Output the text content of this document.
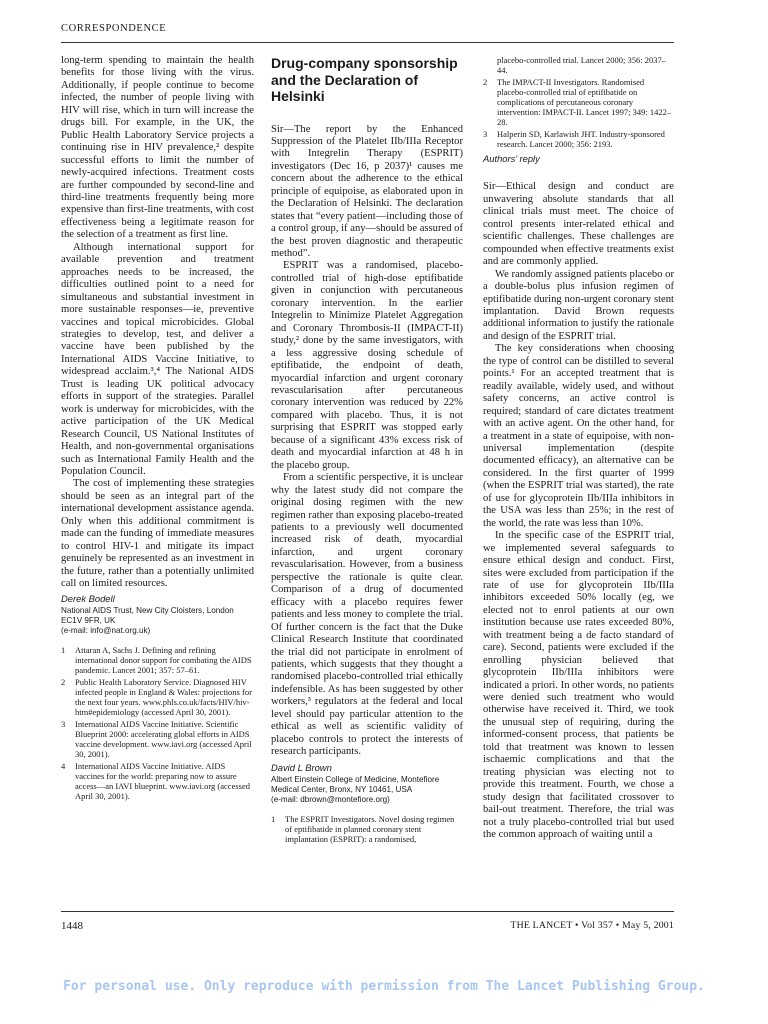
CORRESPONDENCE

long-term spending to maintain the health benefits for those living with the virus. Additionally, if people continue to become infected, the number of people living with HIV will rise, which in turn will increase the drugs bill. For example, in the UK, the Public Health Laboratory Service projects a continuing rise in HIV prevalence,² despite successful efforts to limit the number of newly-acquired infections. Treatment costs are further compounded by second-line and third-line treatments frequently being more expensive than first-line treatments, with cost effectiveness being a legitimate reason for the selection of a treatment as first line.

Although international support for available prevention and treatment approaches needs to be increased, the difficulties outlined point to a need for simultaneous and substantial investment in more sustainable responses—ie, preventive vaccines and topical microbicides. Global strategies to develop, test, and deliver a vaccine have been published by the International AIDS Vaccine Initiative, to widespread acclaim.³,⁴ The National AIDS Trust is leading UK political advocacy efforts in support of the strategies. Parallel work is underway for microbicides, with the active participation of the UK Medical Research Council, US National Institutes of Health, and non-governmental organisations such as International Family Health and the Population Council.

The cost of implementing these strategies should be seen as an integral part of the international development assistance agenda. Only when this additional commitment is made can the funding of immediate measures to control HIV-1 and mitigate its impact genuinely be represented as an investment in the future, rather than a potentially unlimited call on limited resources.

Derek Bodell
National AIDS Trust, New City Cloisters, London EC1V 9FR, UK
(e-mail: info@nat.org.uk)
1 Attaran A, Sachs J. Defining and refining international donor support for combating the AIDS pandemic. Lancet 2001; 357: 57–61.
2 Public Health Laboratory Service. Diagnosed HIV infected people in England & Wales: projections for the next four years. www.phls.co.uk/facts/HIV/hiv-htm#epidemiology (accessed April 30, 2001).
3 International AIDS Vaccine Initiative. Scientific Blueprint 2000: accelerating global efforts in AIDS vaccine development. www.iavi.org (accessed April 30, 2001).
4 International AIDS Vaccine Initiative. AIDS vaccines for the world: preparing now to assure access—an IAVI blueprint. www.iavi.org (accessed April 30, 2001).
Drug-company sponsorship and the Declaration of Helsinki

Sir—The report by the Enhanced Suppression of the Platelet IIb/IIIa Receptor with Integrelin Therapy (ESPRIT) investigators (Dec 16, p 2037)¹ causes me concern about the adherence to the ethical principle of equipoise, as elaborated upon in the Declaration of Helsinki. The declaration states that “every patient—including those of a control group, if any—should be assured of the best proven diagnostic and therapeutic method”.

ESPRIT was a randomised, placebo-controlled trial of high-dose eptifibatide given in conjunction with percutaneous coronary intervention. In the earlier Integrelin to Minimize Platelet Aggregation and Coronary Thrombosis-II (IMPACT-II) study,² done by the same investigators, with a less aggressive dosing schedule of eptifibatide, the endpoint of death, myocardial infarction and urgent coronary revascularisation after percutaneous coronary intervention was reduced by 22% compared with placebo. Thus, it is not surprising that ESPRIT was stopped early because of a significant 43% excess risk of death and myocardial infarction at 48 h in the placebo group.

From a scientific perspective, it is unclear why the latest study did not compare the original dosing regimen with the new regimen rather than exposing placebo-treated patients to a previously well documented increased risk of death, myocardial infarction, and urgent coronary revascularisation. However, from a business perspective the rationale is quite clear. Comparison of a drug of documented efficacy with a placebo requires fewer patients and less money to complete the trial. Of further concern is the fact that the Duke Clinical Research Institute that coordinated the trial did not participate in enrolment of patients, which suggests that they thought a randomised placebo-controlled trial ethically indefensible. As has been suggested by other workers,³ regulators at the federal and local level should pay particular attention to the ethical as well as scientific validity of placebo controls to protect the interests of research participants.

David L Brown
Albert Einstein College of Medicine, Montefiore Medical Center, Bronx, NY 10461, USA
(e-mail: dbrown@montefiore.org)
1 The ESPRIT Investigators. Novel dosing regimen of eptifibatide in planned coronary stent implantation (ESPRIT): a randomised,
placebo-controlled trial. Lancet 2000; 356: 2037–44.
2 The IMPACT-II Investigators. Randomised placebo-controlled trial of eptifibatide on complications of percutaneous coronary intervention: IMPACT-II. Lancet 1997; 349: 1422–28.
3 Halperin SD, Karlawish JHT. Industry-sponsored research. Lancet 2000; 356: 2193.
Authors’ reply

Sir—Ethical design and conduct are unwavering absolute standards that all clinical trials must meet. The choice of control presents inter-related ethical and scientific challenges. These challenges are compounded when effective treatments exist and are commonly applied.

We randomly assigned patients placebo or a double-bolus plus infusion regimen of eptifibatide during non-urgent coronary stent implantation. David Brown requests additional information to justify the rationale and design of the ESPRIT trial.

The key considerations when choosing the type of control can be distilled to several points.¹ For an accepted treatment that is readily available, widely used, and without safety concerns, an active control is required; standard of care dictates treatment with an active agent. On the other hand, for a treatment in a state of equipoise, with non-universal implementation (despite documented efficacy), an alternative can be considered. In the first quarter of 1999 (when the ESPRIT trial was started), the rate of use for glycoprotein IIb/IIIa inhibitors in the USA was less than 25%; in the rest of the world, the rate was less than 10%.

In the specific case of the ESPRIT trial, we implemented several safeguards to ensure ethical design and conduct. First, sites were excluded from participation if the rate of use for glycoprotein IIb/IIIa inhibitors exceeded 50% locally (eg, we elected not to enrol patients at our own institution because use rates exceeded 80%, with treatment being a de facto standard of care). Second, patients were excluded if the enrolling physician believed that glycoprotein IIb/IIIa inhibitors were indicated a priori. In other words, no patients were denied such treatment who would otherwise have received it. Third, we took the unusual step of requiring, during the informed-consent process, that patients be told that treatment was known to lessen ischaemic complications and that the treating physician was electing not to provide this treatment. Fourth, we chose a study design that facilitated crossover to bail-out treatment. Therefore, the trial was not a truly placebo-controlled trial but used the common approach of waiting until a

1448	THE LANCET • Vol 357 • May 5, 2001
For personal use. Only reproduce with permission from The Lancet Publishing Group.
